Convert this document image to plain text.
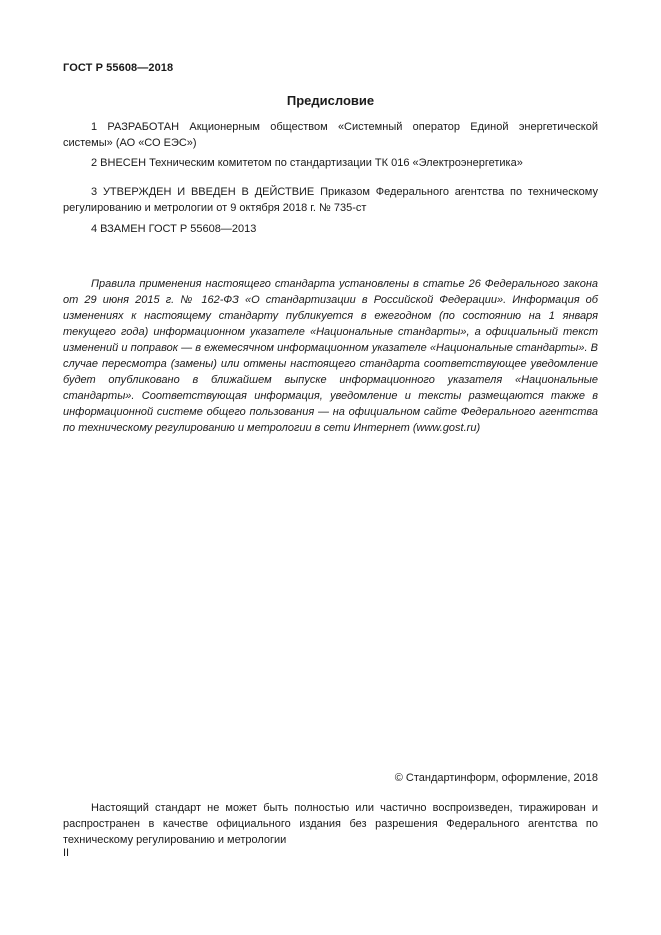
ГОСТ Р 55608—2018
Предисловие

1 РАЗРАБОТАН Акционерным обществом «Системный оператор Единой энергетической системы» (АО «СО ЕЭС»)

2 ВНЕСЕН Техническим комитетом по стандартизации ТК 016 «Электроэнергетика»

3 УТВЕРЖДЕН И ВВЕДЕН В ДЕЙСТВИЕ Приказом Федерального агентства по техническому регулированию и метрологии от 9 октября 2018 г. № 735-ст

4 ВЗАМЕН ГОСТ Р 55608—2013

Правила применения настоящего стандарта установлены в статье 26 Федерального закона от 29 июня 2015 г. № 162-ФЗ «О стандартизации в Российской Федерации». Информация об изменениях к настоящему стандарту публикуется в ежегодном (по состоянию на 1 января текущего года) информационном указателе «Национальные стандарты», а официальный текст изменений и поправок — в ежемесячном информационном указателе «Национальные стандарты». В случае пересмотра (замены) или отмены настоящего стандарта соответствующее уведомление будет опубликовано в ближайшем выпуске информационного указателя «Национальные стандарты». Соответствующая информация, уведомление и тексты размещаются также в информационной системе общего пользования — на официальном сайте Федерального агентства по техническому регулированию и метрологии в сети Интернет (www.gost.ru)

© Стандартинформ, оформление, 2018

Настоящий стандарт не может быть полностью или частично воспроизведен, тиражирован и распространен в качестве официального издания без разрешения Федерального агентства по техническому регулированию и метрологии

II
